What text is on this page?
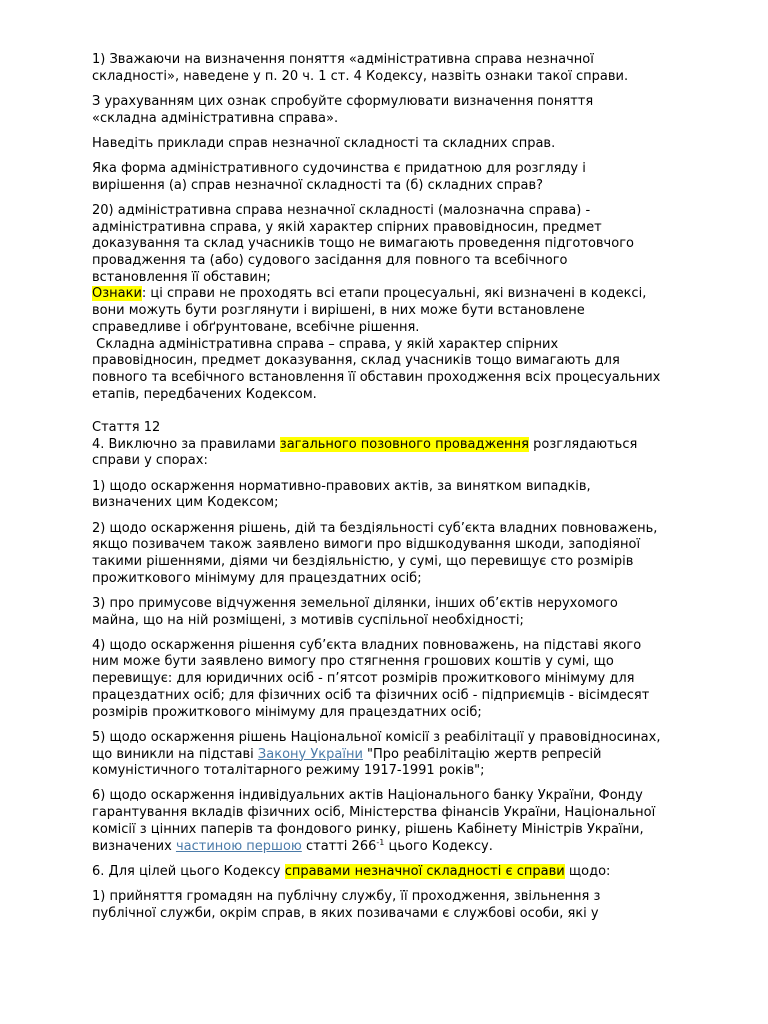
1) Зважаючи на визначення поняття «адміністративна справа незначної
складності», наведене у п. 20 ч. 1 ст. 4 Кодексу, назвіть ознаки такої справи.

З урахуванням цих ознак спробуйте сформулювати визначення поняття
«складна адміністративна справа».

Наведіть приклади справ незначної складності та складних справ.

Яка форма адміністративного судочинства є придатною для розгляду і
вирішення (а) справ незначної складності та (б) складних справ?

20) адміністративна справа незначної складності (малозначна справа) -
адміністративна справа, у якій характер спірних правовідносин, предмет
доказування та склад учасників тощо не вимагають проведення підготовчого
провадження та (або) судового засідання для повного та всебічного
встановлення її обставин;
Ознаки: ці справи не проходять всі етапи процесуальні, які визначені в кодексі,
вони можуть бути розглянути і вирішені, в них може бути встановлене
справедливе і обґрунтоване, всебічне рішення.
Складна адміністративна справа – справа, у якій характер спірних
правовідносин, предмет доказування, склад учасників тощо вимагають для
повного та всебічного встановлення її обставин проходження всіх процесуальних
етапів, передбачених Кодексом.

Стаття 12
4. Виключно за правилами загального позовного провадження розглядаються
справи у спорах:

1) щодо оскарження нормативно-правових актів, за винятком випадків,
визначених цим Кодексом;

2) щодо оскарження рішень, дій та бездіяльності суб’єкта владних повноважень,
якщо позивачем також заявлено вимоги про відшкодування шкоди, заподіяної
такими рішеннями, діями чи бездіяльністю, у сумі, що перевищує сто розмірів
прожиткового мінімуму для працездатних осіб;

3) про примусове відчуження земельної ділянки, інших об’єктів нерухомого
майна, що на ній розміщені, з мотивів суспільної необхідності;

4) щодо оскарження рішення суб’єкта владних повноважень, на підставі якого
ним може бути заявлено вимогу про стягнення грошових коштів у сумі, що
перевищує: для юридичних осіб - п’ятсот розмірів прожиткового мінімуму для
працездатних осіб; для фізичних осіб та фізичних осіб - підприємців - вісімдесят
розмірів прожиткового мінімуму для працездатних осіб;

5) щодо оскарження рішень Національної комісії з реабілітації у правовідносинах,
що виникли на підставі Закону України "Про реабілітацію жертв репресій
комуністичного тоталітарного режиму 1917-1991 років";

6) щодо оскарження індивідуальних актів Національного банку України, Фонду
гарантування вкладів фізичних осіб, Міністерства фінансів України, Національної
комісії з цінних паперів та фондового ринку, рішень Кабінету Міністрів України,
визначених частиною першою статті $266^{-1}$ цього Кодексу.

6. Для цілей цього Кодексу справами незначної складності є справи щодо:

1) прийняття громадян на публічну службу, її проходження, звільнення з
публічної служби, окрім справ, в яких позивачами є службові особи, які у
